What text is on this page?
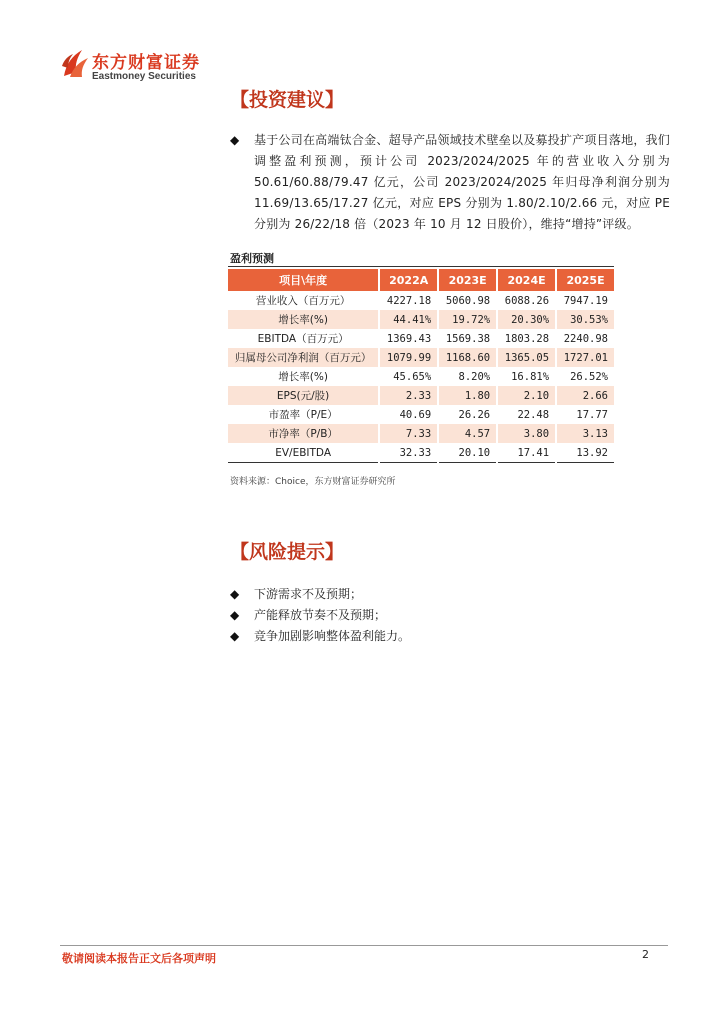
东方财富证券
Eastmoney Securities
【投资建议】
◆ 基于公司在高端钛合金、超导产品领域技术壁垒以及募投扩产项目落地，我们调整盈利预测，预计公司 2023/2024/2025 年的营业收入分别为 50.61/60.88/79.47 亿元，公司 2023/2024/2025 年归母净利润分别为 11.69/13.65/17.27 亿元，对应 EPS 分别为 1.80/2.10/2.66 元，对应 PE 分别为 26/22/18 倍（2023 年 10 月 12 日股价），维持“增持”评级。
盈利预测
项目\年度	2022A	2023E	2024E	2025E
营业收入（百万元）	4227.18	5060.98	6088.26	7947.19
增长率(%)	44.41%	19.72%	20.30%	30.53%
EBITDA（百万元）	1369.43	1569.38	1803.28	2240.98
归属母公司净利润（百万元）	1079.99	1168.60	1365.05	1727.01
增长率(%)	45.65%	8.20%	16.81%	26.52%
EPS(元/股)	2.33	1.80	2.10	2.66
市盈率（P/E）	40.69	26.26	22.48	17.77
市净率（P/B）	7.33	4.57	3.80	3.13
EV/EBITDA	32.33	20.10	17.41	13.92
资料来源：Choice，东方财富证券研究所
【风险提示】
◆ 下游需求不及预期；
◆ 产能释放节奏不及预期；
◆ 竞争加剧影响整体盈利能力。
敬请阅读本报告正文后各项声明	2
